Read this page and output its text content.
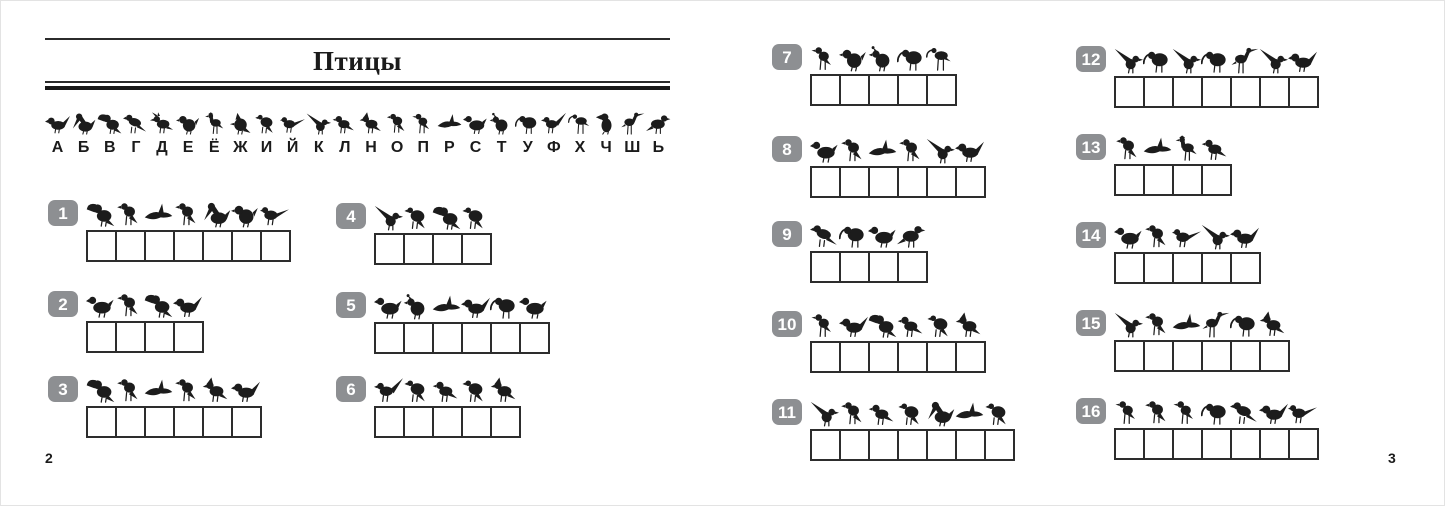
Птицы
А Б В Г Д Е Ё Ж И Й К Л Н О П Р С Т У Ф Х Ч Ш Ь
1
2
3
4
5
6
7
8
9
10
11
12
13
14
15
16
2	3
